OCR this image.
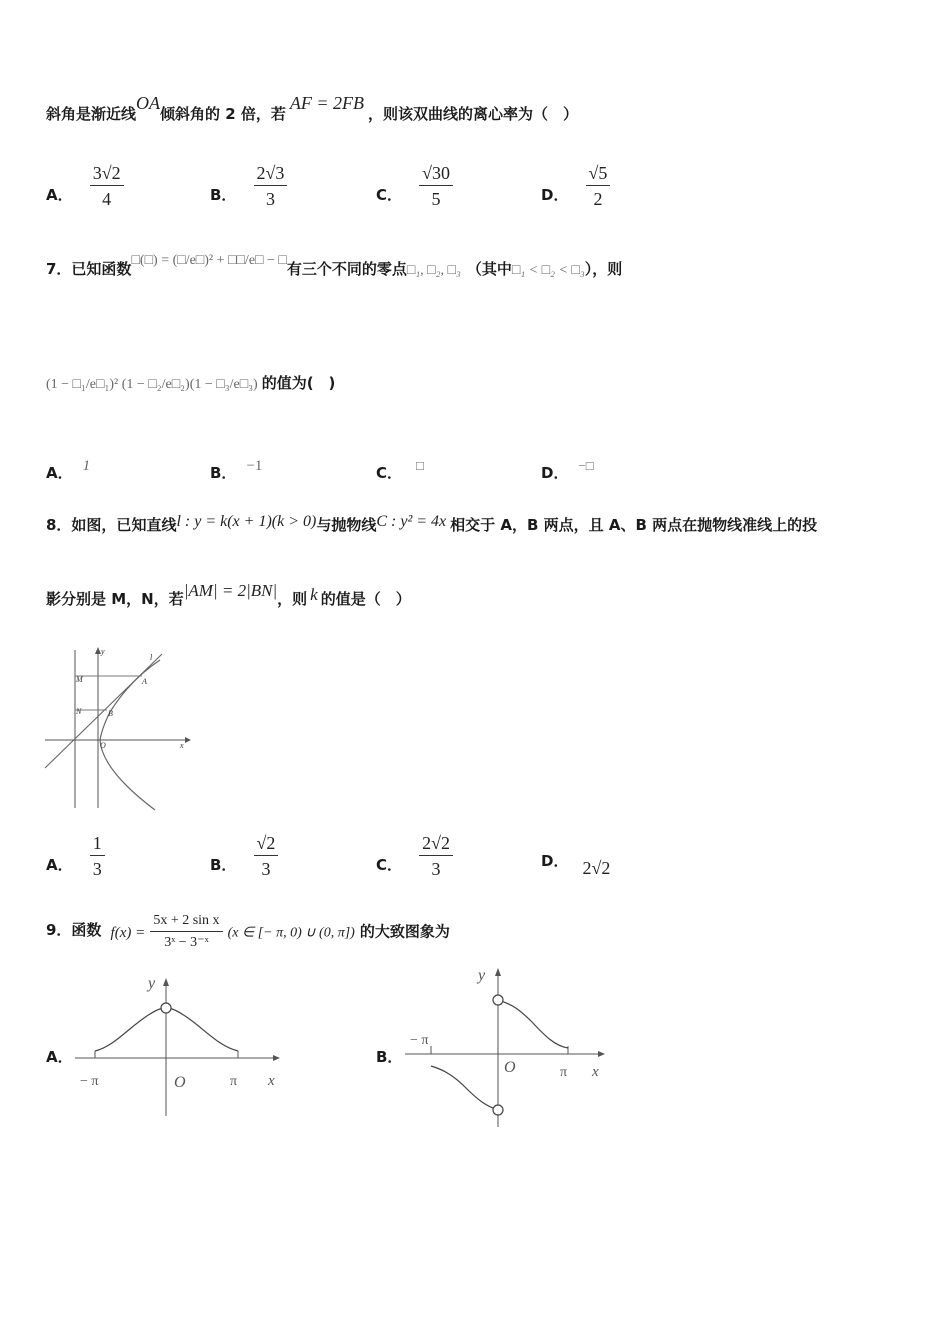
斜角是渐近线OA倾斜角的 2 倍，若AF = 2FB，则该双曲线的离心率为（　）
A． $\frac{3√2}{4}$	B． $\frac{2√3}{3}$	C． $\frac{√30}{5}$	D． $\frac{√5}{2}$
7．已知函数□(□) = (□/e□)² + □□/e□ − □有三个不同的零点□₁, □₂, □₃ （其中□₁ < □₂ < □₃），则
(1 − □₁/e□₁)² (1 − □₂/e□₂)(1 − □₃/e□₃) 的值为(　)
A． 1	B． −1	C． □	D． −□
8．如图，已知直线l : y = k(x + 1)(k > 0)与抛物线C : y² = 4x 相交于 A，B 两点，且 A、B 两点在抛物线准线上的投
影分别是 M，N，若|AM| = 2|BN|，则 k 的值是（　）
y
x
l
M
N
A
B
O
A． $\frac{1}{3}$	B． $\frac{√2}{3}$	C． $\frac{2√2}{3}$	D． 2√2
9．函数 $f(x) = \frac{\text{5x + 2 sin x}}{\text{3ˣ − 3⁻ˣ}} (x$ ∈ [− π, 0) ∪ (0, π]) 的大致图象为
A．
y
x
O
− π	π
B．
y
x
O
− π
π
